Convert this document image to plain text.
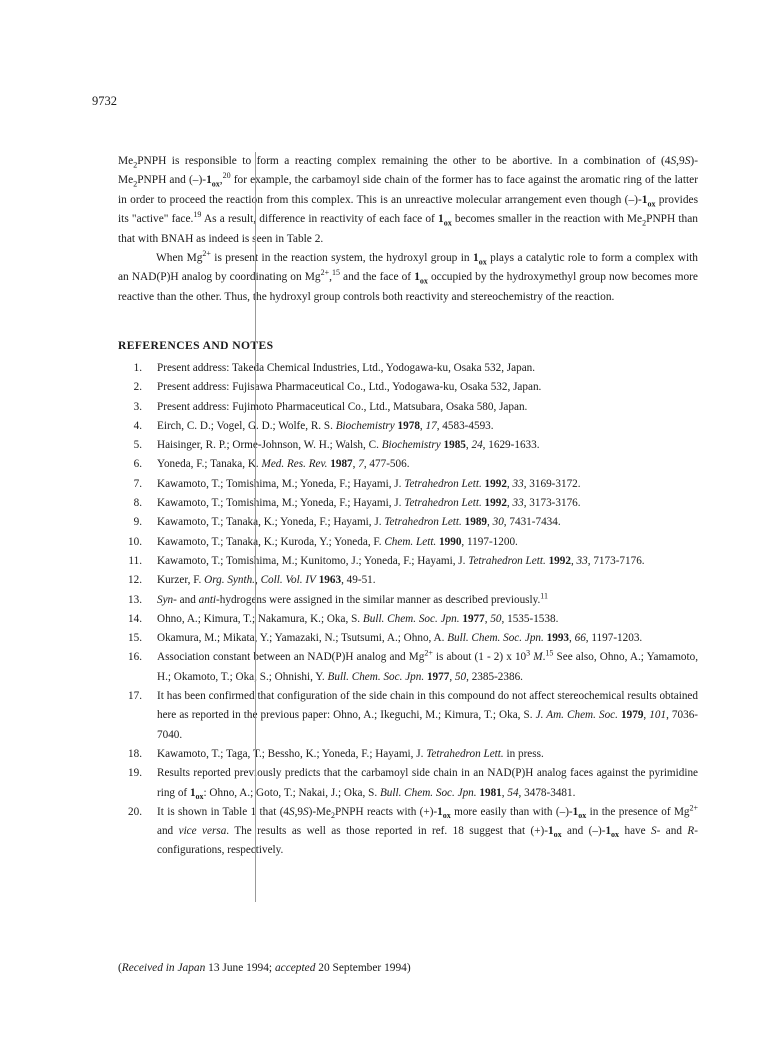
9732

$Me_2PNPH$ is responsible to form a reacting complex remaining the other to be abortive. In a combination of $(4S,9S)-Me_2PNPH$ and $(-)-1_{ox},^{20}$ for example, the carbamoyl side chain of the former has to face against the aromatic ring of the latter in order to proceed the reaction from this complex. This is an unreactive molecular arrangement even though $(-)-1_{ox}$ provides its "active" face.$^{19}$ As a result, difference in reactivity of each face of $1_{ox}$ becomes smaller in the reaction with $Me_2PNPH$ than that with BNAH as indeed is seen in Table 2.

When $Mg^{2+}$ is present in the reaction system, the hydroxyl group in $1_{ox}$ plays a catalytic role to form a complex with an NAD(P)H analog by coordinating on $Mg^{2+},^{15}$ and the face of $1_{ox}$ occupied by the hydroxymethyl group now becomes more reactive than the other. Thus, the hydroxyl group controls both reactivity and stereochemistry of the reaction.

REFERENCES AND NOTES
1. Present address: Takeda Chemical Industries, Ltd., Yodogawa-ku, Osaka 532, Japan.
2. Present address: Fujisawa Pharmaceutical Co., Ltd., Yodogawa-ku, Osaka 532, Japan.
3. Present address: Fujimoto Pharmaceutical Co., Ltd., Matsubara, Osaka 580, Japan.
4. Eirch, C. D.; Vogel, G. D.; Wolfe, R. S. Biochemistry 1978, 17, 4583-4593.
5. Haisinger, R. P.; Orme-Johnson, W. H.; Walsh, C. Biochemistry 1985, 24, 1629-1633.
6. Yoneda, F.; Tanaka, K. Med. Res. Rev. 1987, 7, 477-506.
7. Kawamoto, T.; Tomishima, M.; Yoneda, F.; Hayami, J. Tetrahedron Lett. 1992, 33, 3169-3172.
8. Kawamoto, T.; Tomishima, M.; Yoneda, F.; Hayami, J. Tetrahedron Lett. 1992, 33, 3173-3176.
9. Kawamoto, T.; Tanaka, K.; Yoneda, F.; Hayami, J. Tetrahedron Lett. 1989, 30, 7431-7434.
10. Kawamoto, T.; Tanaka, K.; Kuroda, Y.; Yoneda, F. Chem. Lett. 1990, 1197-1200.
11. Kawamoto, T.; Tomishima, M.; Kunitomo, J.; Yoneda, F.; Hayami, J. Tetrahedron Lett. 1992, 33, 7173-7176.
12. Kurzer, F. Org. Synth., Coll. Vol. IV 1963, 49-51.
13. Syn- and anti-hydrogens were assigned in the similar manner as described previously.$^{11}$
14. Ohno, A.; Kimura, T.; Nakamura, K.; Oka, S. Bull. Chem. Soc. Jpn. 1977, 50, 1535-1538.
15. Okamura, M.; Mikata, Y.; Yamazaki, N.; Tsutsumi, A.; Ohno, A. Bull. Chem. Soc. Jpn. 1993, 66, 1197-1203.
16. Association constant between an NAD(P)H analog and $Mg^{2+}$ is about (1 - 2) x $10^3$ M.$^{15}$ See also, Ohno, A.; Yamamoto, H.; Okamoto, T.; Oka, S.; Ohnishi, Y. Bull. Chem. Soc. Jpn. 1977, 50, 2385-2386.
17. It has been confirmed that configuration of the side chain in this compound do not affect stereochemical results obtained here as reported in the previous paper: Ohno, A.; Ikeguchi, M.; Kimura, T.; Oka, S. J. Am. Chem. Soc. 1979, 101, 7036-7040.
18. Kawamoto, T.; Taga, T.; Bessho, K.; Yoneda, F.; Hayami, J. Tetrahedron Lett. in press.
19. Results reported previously predicts that the carbamoyl side chain in an NAD(P)H analog faces against the pyrimidine ring of $1_{ox}$: Ohno, A.; Goto, T.; Nakai, J.; Oka, S. Bull. Chem. Soc. Jpn. 1981, 54, 3478-3481.
20. It is shown in Table 1 that $(4S,9S)-Me_2PNPH$ reacts with $(+)-1_{ox}$ more easily than with $(-)-1_{ox}$ in the presence of $Mg^{2+}$ and vice versa. The results as well as those reported in ref. 18 suggest that $(+)-1_{ox}$ and $(-)-1_{ox}$ have S- and R-configurations, respectively.
(Received in Japan 13 June 1994; accepted 20 September 1994)
